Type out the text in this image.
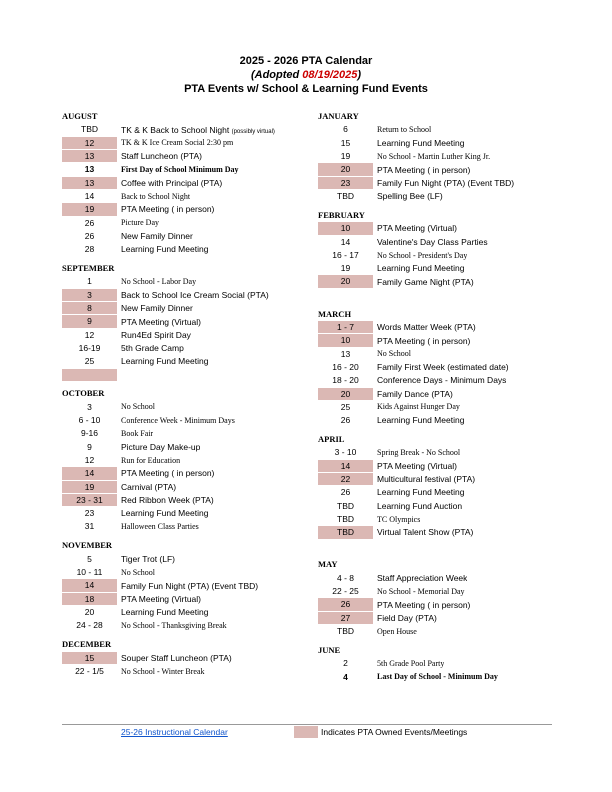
2025 - 2026 PTA Calendar
(Adopted 08/19/2025)
PTA Events w/ School & Learning Fund Events
AUGUST
TBD	TK & K Back to School Night (possibly virtual)
12	TK & K Ice Cream Social 2:30 pm
13	Staff Luncheon (PTA)
13	First Day of School Minimum Day
13	Coffee with Principal (PTA)
14	Back to School Night
19	PTA Meeting ( in person)
26	Picture Day
26	New Family Dinner
28	Learning Fund Meeting
SEPTEMBER
1	No School - Labor Day
3	Back to School Ice Cream Social (PTA)
8	New Family Dinner
9	PTA Meeting (Virtual)
12	Run4Ed Spirit Day
16-19	5th Grade Camp
25	Learning Fund Meeting
OCTOBER
3	No School
6 - 10	Conference Week - Minimum Days
9-16	Book Fair
9	Picture Day Make-up
12	Run for Education
14	PTA Meeting ( in person)
19	Carnival (PTA)
23 - 31	Red Ribbon Week (PTA)
23	Learning Fund Meeting
31	Halloween Class Parties
NOVEMBER
5	Tiger Trot (LF)
10 - 11	No School
14	Family Fun Night (PTA) (Event TBD)
18	PTA Meeting (Virtual)
20	Learning Fund Meeting
24 - 28	No School - Thanksgiving Break
DECEMBER
15	Souper Staff Luncheon (PTA)
22 - 1/5	No School - Winter Break
JANUARY
6	Return to School
15	Learning Fund Meeting
19	No School - Martin Luther King Jr.
20	PTA Meeting ( in person)
23	Family Fun Night (PTA) (Event TBD)
TBD	Spelling Bee (LF)
FEBRUARY
10	PTA Meeting (Virtual)
14	Valentine's Day Class Parties
16 - 17	No School - President's Day
19	Learning Fund Meeting
20	Family Game Night (PTA)
MARCH
1 - 7	Words Matter Week (PTA)
10	PTA Meeting ( in person)
13	No School
16 - 20	Family First Week (estimated date)
18 - 20	Conference Days - Minimum Days
20	Family Dance (PTA)
25	Kids Against Hunger Day
26	Learning Fund Meeting
APRIL
3 - 10	Spring Break - No School
14	PTA Meeting (Virtual)
22	Multicultural festival (PTA)
26	Learning Fund Meeting
TBD	Learning Fund Auction
TBD	TC Olympics
TBD	Virtual Talent Show (PTA)
MAY
4 - 8	Staff Appreciation Week
22 - 25	No School - Memorial Day
26	PTA Meeting ( in person)
27	Field Day (PTA)
TBD	Open House
JUNE
2	5th Grade Pool Party
4	Last Day of School - Minimum Day
25-26 Instructional Calendar	Indicates PTA Owned Events/Meetings
